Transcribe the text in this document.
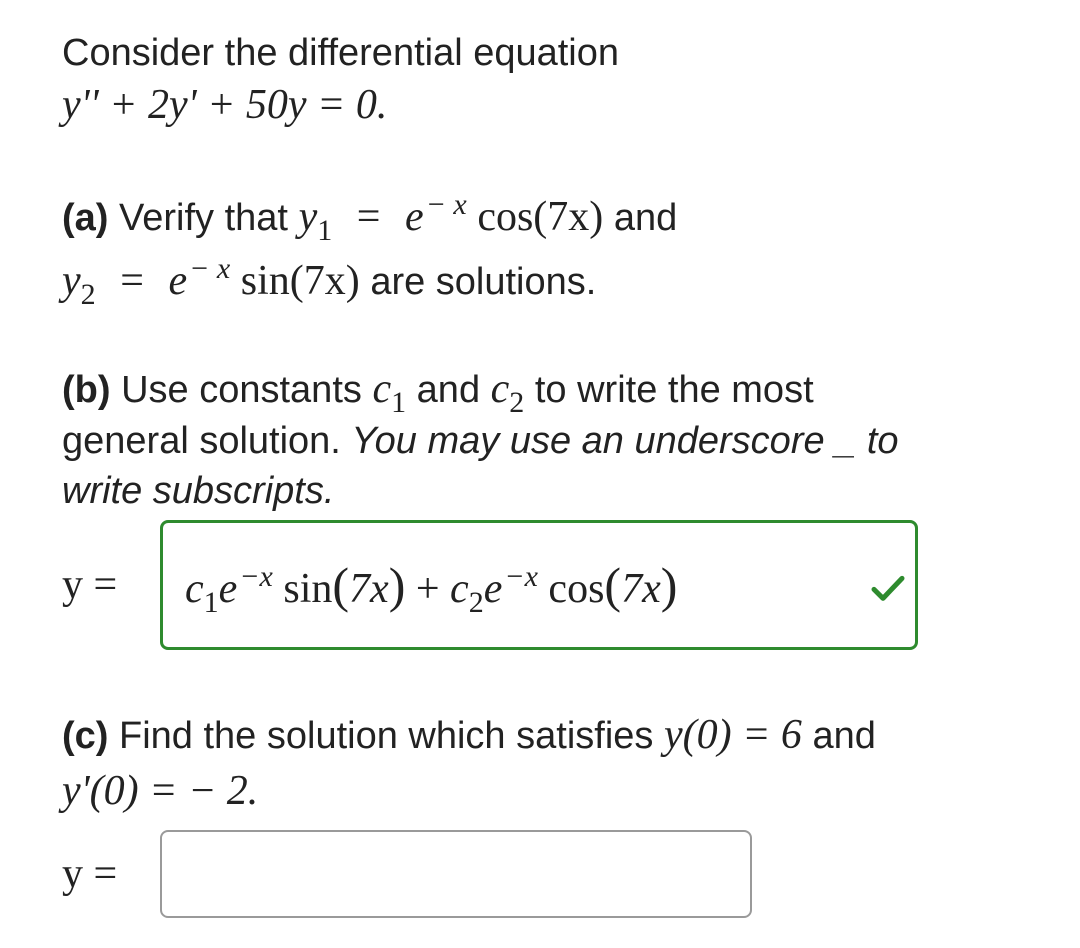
Consider the differential equation
y'' + 2y' + 50y = 0.
(a) Verify that $y_1 = e^{- x}$ cos(7x) and
$y_2 = e^{- x}$ sin(7x) are solutions.
(b) Use constants $c_1$ and $c_2$ to write the most
general solution. You may use an underscore _ to
write subscripts.
$y = c_1e^{-x}$ $\sin(7x) + c_2e^{-x}$ cos(7x)
(c) Find the solution which satisfies y(0) = 6 and
y'(0) = − 2.
y =
